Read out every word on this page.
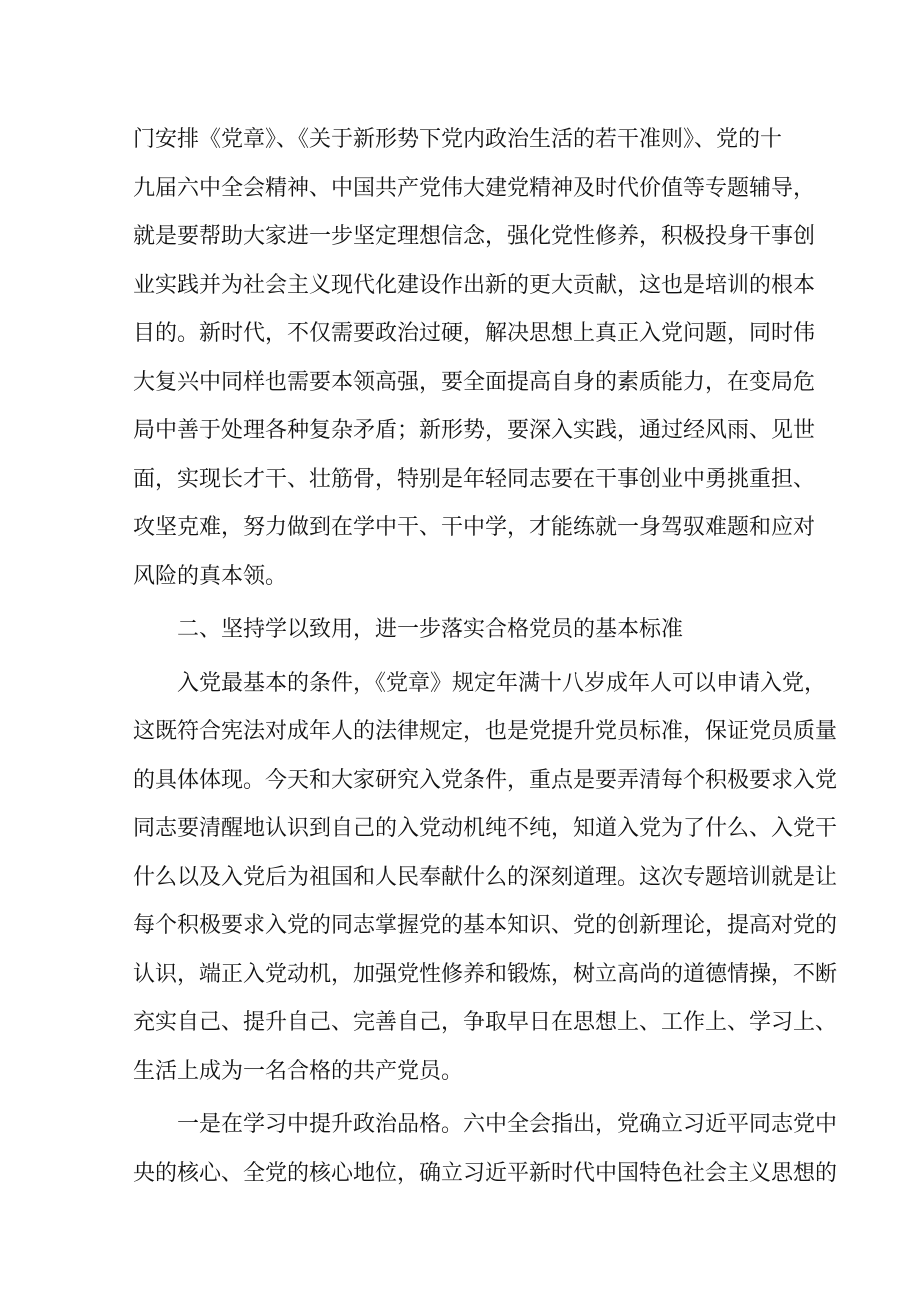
门安排《党章》、《关于新形势下党内政治生活的若干准则》、党的十
九届六中全会精神、中国共产党伟大建党精神及时代价值等专题辅导，
就是要帮助大家进一步坚定理想信念，强化党性修养，积极投身干事创
业实践并为社会主义现代化建设作出新的更大贡献，这也是培训的根本
目的。新时代，不仅需要政治过硬，解决思想上真正入党问题，同时伟
大复兴中同样也需要本领高强，要全面提高自身的素质能力，在变局危
局中善于处理各种复杂矛盾；新形势，要深入实践，通过经风雨、见世
面，实现长才干、壮筋骨，特别是年轻同志要在干事创业中勇挑重担、
攻坚克难，努力做到在学中干、干中学，才能练就一身驾驭难题和应对
风险的真本领。
二、坚持学以致用，进一步落实合格党员的基本标准
入党最基本的条件，《党章》规定年满十八岁成年人可以申请入党，
这既符合宪法对成年人的法律规定，也是党提升党员标准，保证党员质量
的具体体现。今天和大家研究入党条件，重点是要弄清每个积极要求入党
同志要清醒地认识到自己的入党动机纯不纯，知道入党为了什么、入党干
什么以及入党后为祖国和人民奉献什么的深刻道理。这次专题培训就是让
每个积极要求入党的同志掌握党的基本知识、党的创新理论，提高对党的
认识，端正入党动机，加强党性修养和锻炼，树立高尚的道德情操，不断
充实自己、提升自己、完善自己，争取早日在思想上、工作上、学习上、
生活上成为一名合格的共产党员。
一是在学习中提升政治品格。六中全会指出，党确立习近平同志党中
央的核心、全党的核心地位，确立习近平新时代中国特色社会主义思想的
